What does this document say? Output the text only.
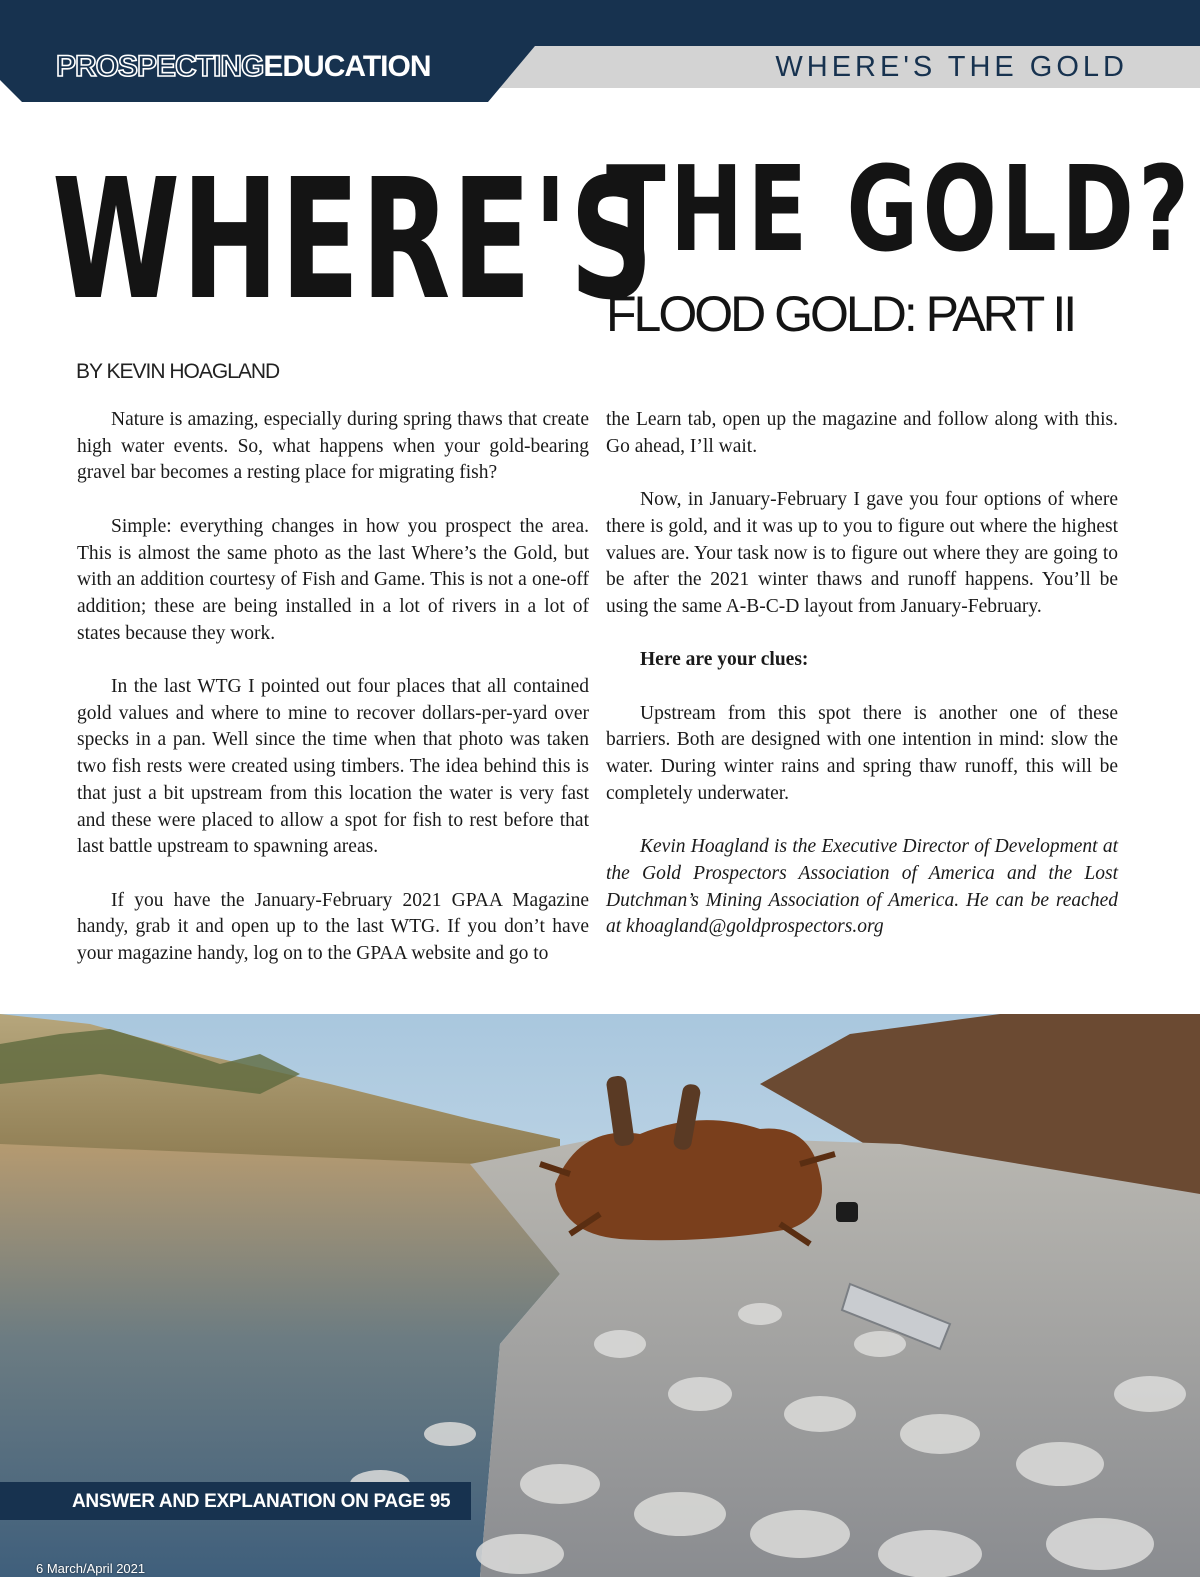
PROSPECTINGEDUCATION	WHERE'S THE GOLD
WHERE'S
THE GOLD?
FLOOD GOLD: PART II
BY KEVIN HOAGLAND

Nature is amazing, especially during spring thaws that create high water events. So, what happens when your gold-bearing gravel bar becomes a resting place for migrating fish?

Simple: everything changes in how you prospect the area. This is almost the same photo as the last Where’s the Gold, but with an addition courtesy of Fish and Game. This is not a one-off addition; these are being installed in a lot of rivers in a lot of states because they work.

In the last WTG I pointed out four places that all contained gold values and where to mine to recover dollars-per-yard over specks in a pan. Well since the time when that photo was taken two fish rests were created using timbers. The idea behind this is that just a bit upstream from this location the water is very fast and these were placed to allow a spot for fish to rest before that last battle upstream to spawning areas.

If you have the January-February 2021 GPAA Magazine handy, grab it and open up to the last WTG. If you don’t have your magazine handy, log on to the GPAA website and go to

the Learn tab, open up the magazine and follow along with this. Go ahead, I’ll wait.

Now, in January-February I gave you four options of where there is gold, and it was up to you to figure out where the highest values are. Your task now is to figure out where they are going to be after the 2021 winter thaws and runoff happens. You’ll be using the same A-B-C-D layout from January-February.

Here are your clues:

Upstream from this spot there is another one of these barriers. Both are designed with one intention in mind: slow the water. During winter rains and spring thaw runoff, this will be completely underwater.

Kevin Hoagland is the Executive Director of Development at the Gold Prospectors Association of America and the Lost Dutchman’s Mining Association of America. He can be reached at khoagland@goldprospectors.org

ANSWER AND EXPLANATION ON PAGE 95
6 March/April 2021
